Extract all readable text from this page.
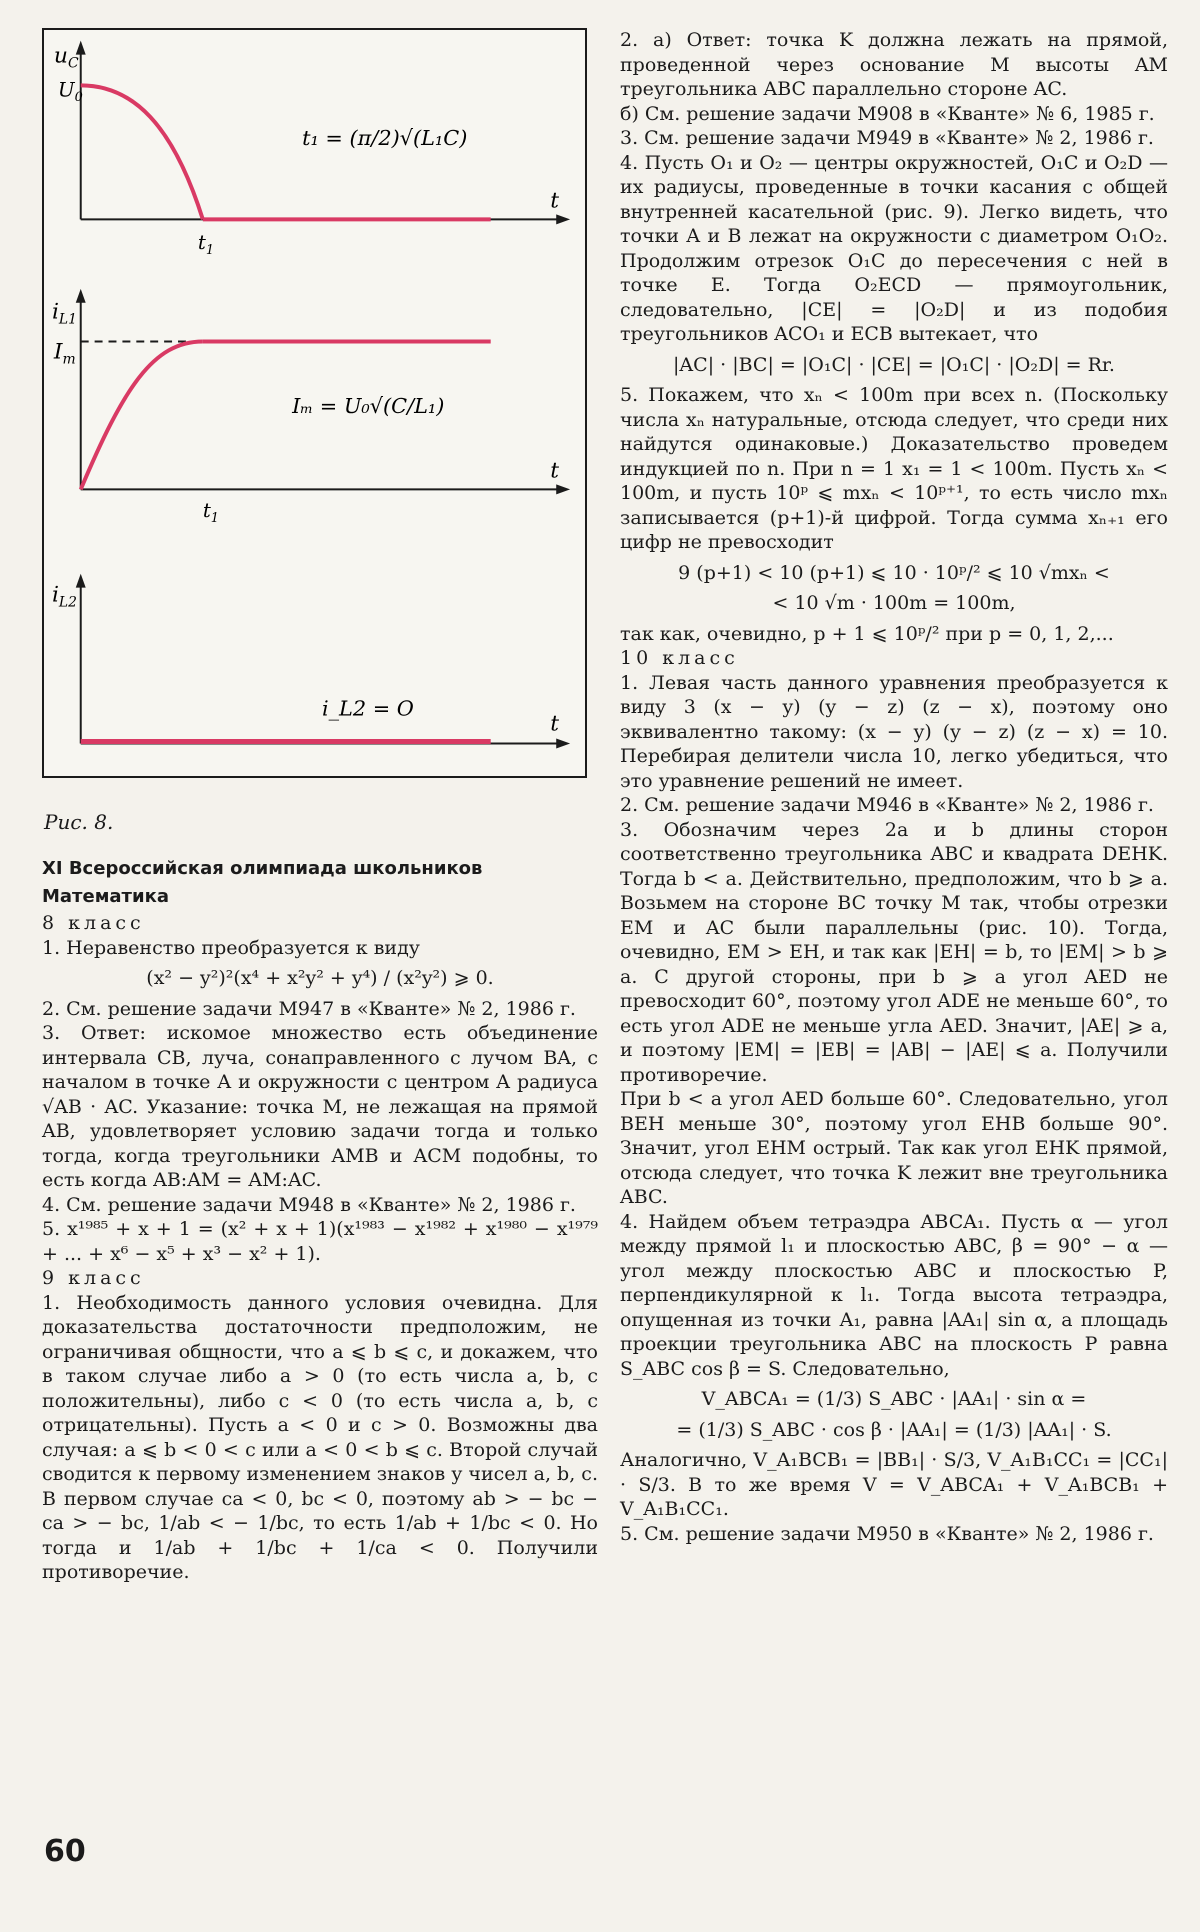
$u_C$
$U_0$
t
$t_1$
t₁ = (π/2)√(L₁C)
$i_{L1}$
$I_m$
t
$t_1$
Iₘ = U₀√(C/L₁)
$i_{L2}$
t
i_L2 = O
Рис. 8.

XI Всероссийская олимпиада школьников

Математика

8 класс

1. Неравенство преобразуется к виду

(x² − y²)²(x⁴ + x²y² + y⁴) / (x²y²) ⩾ 0.

2. См. решение задачи М947 в «Кванте» № 2, 1986 г.

3. Ответ: искомое множество есть объединение интервала CB, луча, сонаправленного с лучом BA, с началом в точке A и окружности с центром A радиуса √AB · AC. Указание: точка M, не лежащая на прямой AB, удовлетворяет условию задачи тогда и только тогда, когда треугольники AMB и ACM подобны, то есть когда AB:AM = AM:AC.

4. См. решение задачи М948 в «Кванте» № 2, 1986 г.

5. x¹⁹⁸⁵ + x + 1 = (x² + x + 1)(x¹⁹⁸³ − x¹⁹⁸² + x¹⁹⁸⁰ − x¹⁹⁷⁹ + ... + x⁶ − x⁵ + x³ − x² + 1).

9 класс

1. Необходимость данного условия очевидна. Для доказательства достаточности предположим, не ограничивая общности, что a ⩽ b ⩽ c, и докажем, что в таком случае либо a > 0 (то есть числа a, b, c положительны), либо c < 0 (то есть числа a, b, c отрицательны). Пусть a < 0 и c > 0. Возможны два случая: a ⩽ b < 0 < c или a < 0 < b ⩽ c. Второй случай сводится к первому изменением знаков у чисел a, b, c. В первом случае ca < 0, bc < 0, поэтому ab > − bc − ca > − bc, 1/ab < − 1/bc, то есть 1/ab + 1/bc < 0. Но тогда и 1/ab + 1/bc + 1/ca < 0. Получили противоречие.

2. а) Ответ: точка K должна лежать на прямой, проведенной через основание M высоты AM треугольника ABC параллельно стороне AC.

б) См. решение задачи М908 в «Кванте» № 6, 1985 г.

3. См. решение задачи М949 в «Кванте» № 2, 1986 г.

4. Пусть O₁ и O₂ — центры окружностей, O₁C и O₂D — их радиусы, проведенные в точки касания с общей внутренней касательной (рис. 9). Легко видеть, что точки A и B лежат на окружности с диаметром O₁O₂. Продолжим отрезок O₁C до пересечения с ней в точке E. Тогда O₂ECD — прямоугольник, следовательно, |CE| = |O₂D| и из подобия треугольников ACO₁ и ECB вытекает, что

|AC| · |BC| = |O₁C| · |CE| = |O₁C| · |O₂D| = Rr.

5. Покажем, что xₙ < 100m при всех n. (Поскольку числа xₙ натуральные, отсюда следует, что среди них найдутся одинаковые.) Доказательство проведем индукцией по n. При n = 1 x₁ = 1 < 100m. Пусть xₙ < 100m, и пусть 10ᵖ ⩽ mxₙ < 10ᵖ⁺¹, то есть число mxₙ записывается (p+1)-й цифрой. Тогда сумма xₙ₊₁ его цифр не превосходит

9 (p+1) < 10 (p+1) ⩽ 10 · 10ᵖ/² ⩽ 10 √mxₙ <

< 10 √m · 100m = 100m,

так как, очевидно, p + 1 ⩽ 10ᵖ/² при p = 0, 1, 2,...

10 класс

1. Левая часть данного уравнения преобразуется к виду 3 (x − y) (y − z) (z − x), поэтому оно эквивалентно такому: (x − y) (y − z) (z − x) = 10. Перебирая делители числа 10, легко убедиться, что это уравнение решений не имеет.

2. См. решение задачи М946 в «Кванте» № 2, 1986 г.

3. Обозначим через 2a и b длины сторон соответственно треугольника ABC и квадрата DEHK. Тогда b < a. Действительно, предположим, что b ⩾ a. Возьмем на стороне BC точку M так, чтобы отрезки EM и AC были параллельны (рис. 10). Тогда, очевидно, EM > EH, и так как |EH| = b, то |EM| > b ⩾ a. С другой стороны, при b ⩾ a угол AED не превосходит 60°, поэтому угол ADE не меньше 60°, то есть угол ADE не меньше угла AED. Значит, |AE| ⩾ a, и поэтому |EM| = |EB| = |AB| − |AE| ⩽ a. Получили противоречие.

При b < a угол AED больше 60°. Следовательно, угол BEH меньше 30°, поэтому угол EHB больше 90°. Значит, угол EHM острый. Так как угол EHK прямой, отсюда следует, что точка K лежит вне треугольника ABC.

4. Найдем объем тетраэдра ABCA₁. Пусть α — угол между прямой l₁ и плоскостью ABC, β = 90° − α — угол между плоскостью ABC и плоскостью P, перпендикулярной к l₁. Тогда высота тетраэдра, опущенная из точки A₁, равна |AA₁| sin α, а площадь проекции треугольника ABC на плоскость P равна S_ABC cos β = S. Следовательно,

V_ABCA₁ = (1/3) S_ABC · |AA₁| · sin α =

= (1/3) S_ABC · cos β · |AA₁| = (1/3) |AA₁| · S.

Аналогично, V_A₁BCB₁ = |BB₁| · S/3, V_A₁B₁CC₁ = |CC₁| · S/3. В то же время V = V_ABCA₁ + V_A₁BCB₁ + V_A₁B₁CC₁.

5. См. решение задачи М950 в «Кванте» № 2, 1986 г.

60
